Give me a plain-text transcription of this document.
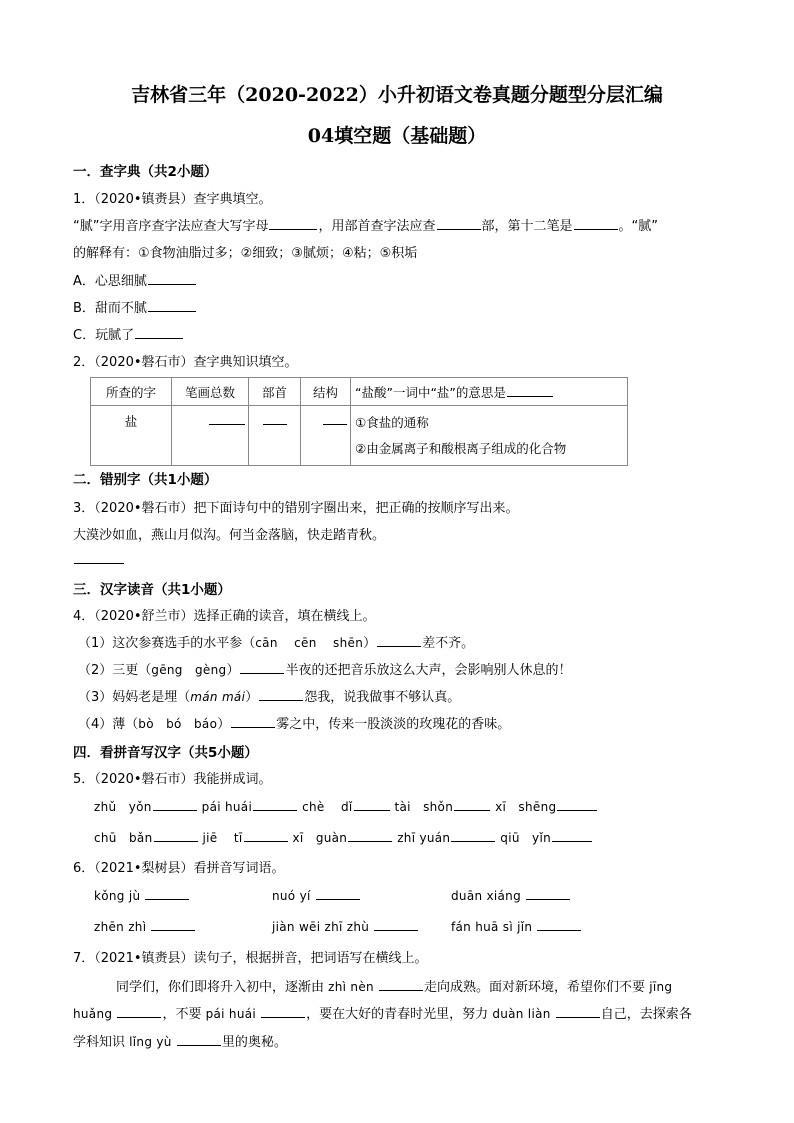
吉林省三年（2020-2022）小升初语文卷真题分题型分层汇编
04填空题（基础题）
一．查字典（共2小题）
1．（2020•镇赉县）查字典填空。
“腻”字用音序查字法应查大写字母	，用部首查字法应查	部，第十二笔是	。“腻”
的解释有：①食物油脂过多；②细致；③腻烦；④粘；⑤积垢
A．心思细腻
B．甜而不腻
C．玩腻了
2．（2020•磐石市）查字典知识填空。
所查的字	笔画总数	部首	结构	“盐酸”一词中“盐”的意思是
盐				①食盐的通称
②由金属离子和酸根离子组成的化合物
二．错别字（共1小题）
3．（2020•磐石市）把下面诗句中的错别字圈出来，把正确的按顺序写出来。
大漠沙如血，燕山月似沟。何当金落脑，快走踏青秋。
三．汉字读音（共1小题）
4．（2020•舒兰市）选择正确的读音，填在横线上。
（1）这次参赛选手的水平参（cān　 cēn　 shēn）	差不齐。
（2）三更（gēng　gèng）	半夜的还把音乐放这么大声，会影响别人休息的！
（3）妈妈老是埋（mán mái）	怨我，说我做事不够认真。
（4）薄（bò　bó　báo）	雾之中，传来一股淡淡的玫瑰花的香味。
四．看拼音写汉字（共5小题）
5．（2020•磐石市）我能拼成词。
zhǔ　yǒn	pái huái	chè　 dǐ	tài　shǒn	xī　shēng
chū　bǎn	jiē　 tī	xī　guàn	zhī yuán	qiū　yǐn
6．（2021•梨树县）看拼音写词语。
kǒng jù	nuó yí	duān xiáng
zhēn zhì	jiàn wēi zhī zhù	fán huā sì jǐn
7．（2021•镇赉县）读句子，根据拼音，把词语写在横线上。
同学们，你们即将升入初中，逐渐由 zhì nèn	走向成熟。面对新环境，希望你们不要 jīng
huǎng	，不要 pái huái	，要在大好的青春时光里，努力 duàn liàn	自己，去探索各
学科知识 lǐng yù	里的奥秘。
